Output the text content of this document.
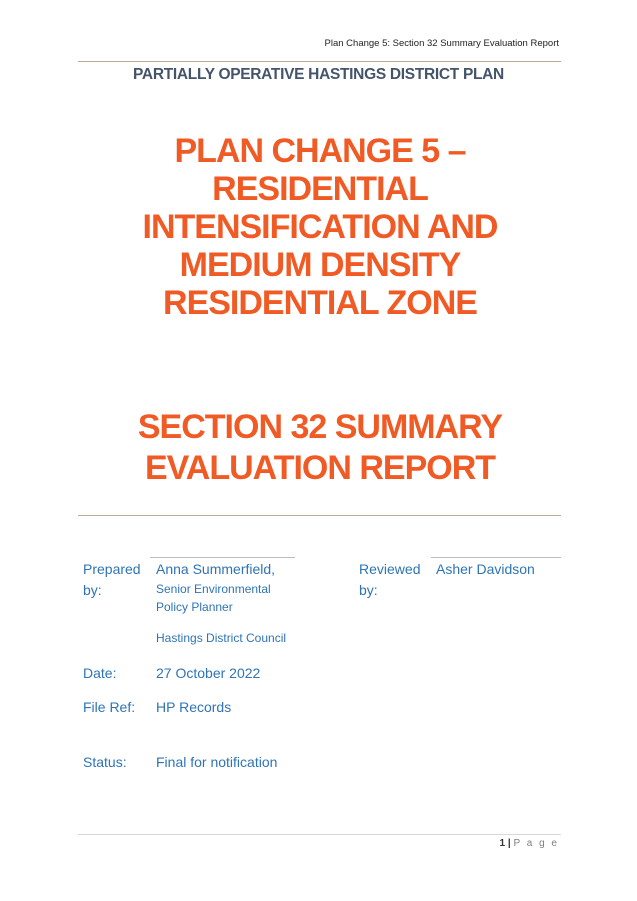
Plan Change 5: Section 32 Summary Evaluation Report
PARTIALLY OPERATIVE HASTINGS DISTRICT PLAN
PLAN CHANGE 5 –
RESIDENTIAL
INTENSIFICATION AND
MEDIUM DENSITY
RESIDENTIAL ZONE
SECTION 32 SUMMARY
EVALUATION REPORT
Prepared
by:
Anna Summerfield,
Senior Environmental
Policy Planner
Hastings District Council
Reviewed
by:
Asher Davidson
Date:	27 October 2022
File Ref: HP Records
Status: Final for notification
1 | P a g e
